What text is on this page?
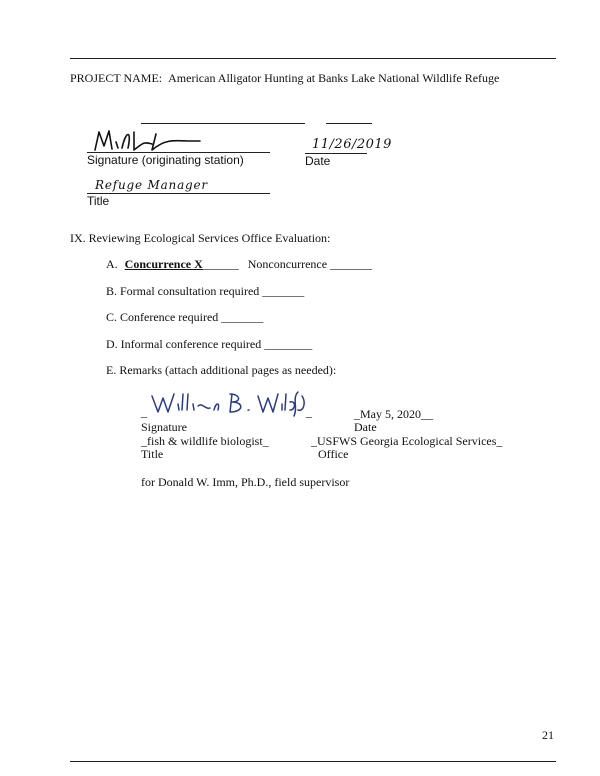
PROJECT NAME: American Alligator Hunting at Banks Lake National Wildlife Refuge
Signature (originating station)
11/26/2019
Date
Refuge Manager
Title
IX. Reviewing Ecological Services Office Evaluation:
A. Concurrence X______ Nonconcurrence _______
B. Formal consultation required _______
C. Conference required _______
D. Informal conference required ________
E. Remarks (attach additional pages as needed):
_	_
Signature
_May 5, 2020__
Date
_fish & wildlife biologist_
Title
_USFWS Georgia Ecological Services_
Office
for Donald W. Imm, Ph.D., field supervisor
21
